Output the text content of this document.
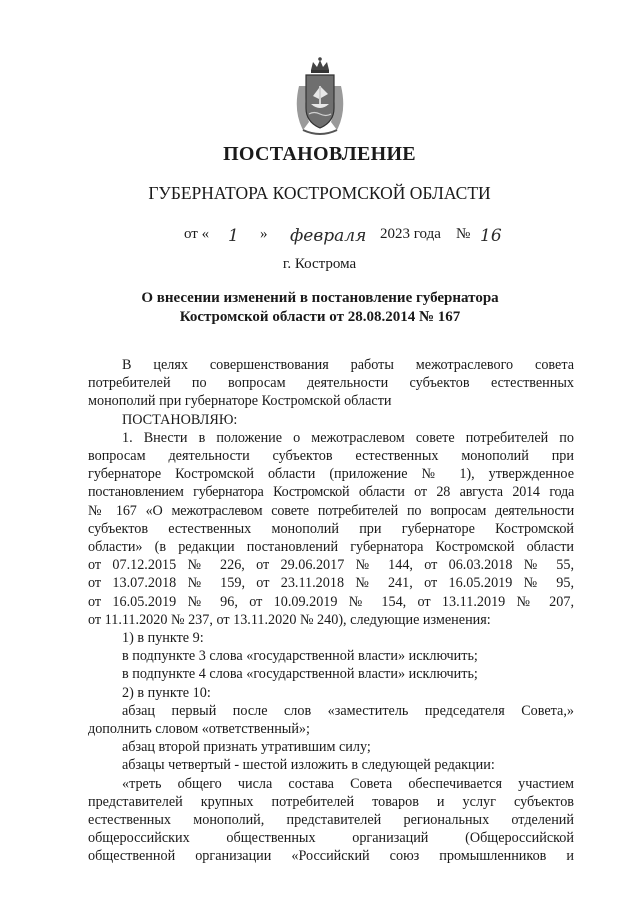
ПОСТАНОВЛЕНИЕ
ГУБЕРНАТОРА КОСТРОМСКОЙ ОБЛАСТИ
от « 1 » февраля 2023 года № 16
г. Кострома
О внесении изменений в постановление губернатора
Костромской области от 28.08.2014 № 167
В целях совершенствования работы межотраслевого совета
потребителей по вопросам деятельности субъектов естественных
монополий при губернаторе Костромской области
ПОСТАНОВЛЯЮ:
1. Внести в положение о межотраслевом совете потребителей по
вопросам деятельности субъектов естественных монополий при
губернаторе Костромской области (приложение № 1), утвержденное
постановлением губернатора Костромской области от 28 августа 2014 года
№ 167 «О межотраслевом совете потребителей по вопросам деятельности
субъектов естественных монополий при губернаторе Костромской
области» (в редакции постановлений губернатора Костромской области
от 07.12.2015 № 226, от 29.06.2017 № 144, от 06.03.2018 № 55,
от 13.07.2018 № 159, от 23.11.2018 № 241, от 16.05.2019 № 95,
от 16.05.2019 № 96, от 10.09.2019 № 154, от 13.11.2019 № 207,
от 11.11.2020 № 237, от 13.11.2020 № 240), следующие изменения:
1) в пункте 9:
в подпункте 3 слова «государственной власти» исключить;
в подпункте 4 слова «государственной власти» исключить;
2) в пункте 10:
абзац первый после слов «заместитель председателя Совета,»
дополнить словом «ответственный»;
абзац второй признать утратившим силу;
абзацы четвертый - шестой изложить в следующей редакции:
«треть общего числа состава Совета обеспечивается участием
представителей крупных потребителей товаров и услуг субъектов
естественных монополий, представителей региональных отделений
общероссийских общественных организаций (Общероссийской
общественной организации «Российский союз промышленников и
